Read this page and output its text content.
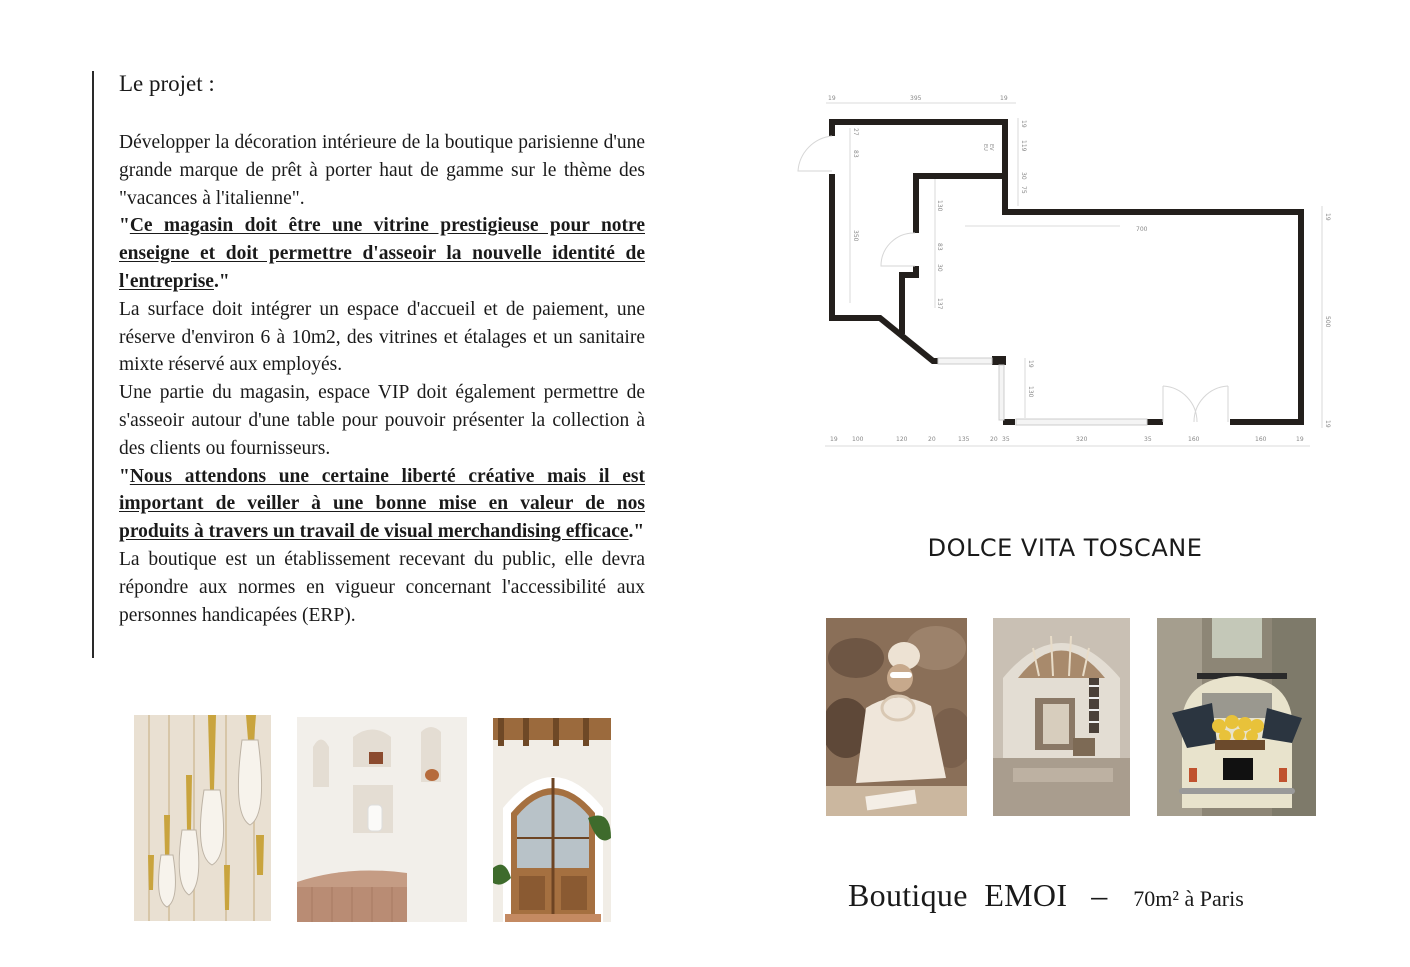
Le projet :

Développer la décoration intérieure de la boutique parisienne d'une grande marque de prêt à porter haut de gamme sur le thème des "vacances à l'italienne".

"Ce magasin doit être une vitrine prestigieuse pour notre enseigne et doit permettre d'asseoir la nouvelle identité de l'entreprise."

La surface doit intégrer un espace d'accueil et de paiement, une réserve d'environ 6 à 10m2, des vitrines et étalages et un sanitaire mixte réservé aux employés.

Une partie du magasin, espace VIP doit également permettre de s'asseoir autour d'une table pour pouvoir présenter la collection à des clients ou fournisseurs.

"Nous attendons une certaine liberté créative mais il est important de veiller à une bonne mise en valeur de nos produits à travers un travail de visual merchandising efficace."

La boutique est un établissement recevant du public, elle devra répondre aux normes en vigueur concernant l'accessibilité aux personnes handicapées (ERP).

19	395	19
700
19
500
19
19
119
30
75
27
83
350
130
83
30
137
19
130
19 100	120	20	135	20 35	320	35	160	160	19
EU EV
DOLCE VITA TOSCANE
Boutique  EMOI – 70m² à Paris
